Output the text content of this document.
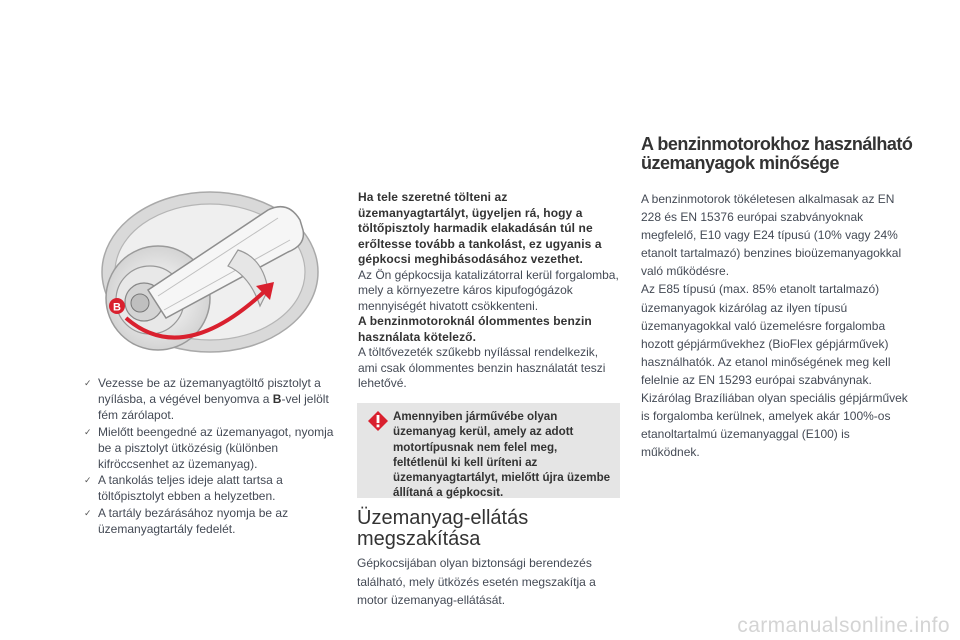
B

✓ Vezesse be az üzemanyagtöltő pisztolyt a nyílásba, a végével benyomva a B-vel jelölt fém zárólapot.

✓ Mielőtt beengedné az üzemanyagot, nyomja be a pisztolyt ütközésig (különben kifröccsenhet az üzemanyag).

✓ A tankolás teljes ideje alatt tartsa a töltőpisztolyt ebben a helyzetben.

✓ A tartály bezárásához nyomja be az üzemanyagtartály fedelét.

Ha tele szeretné tölteni az üzemanyagtartályt, ügyeljen rá, hogy a töltőpisztoly harmadik elakadásán túl ne erőltesse tovább a tankolást, ez ugyanis a gépkocsi meghibásodásához vezethet.

Az Ön gépkocsija katalizátorral kerül forgalomba, mely a környezetre káros kipufogógázok mennyiségét hivatott csökkenteni.

A benzinmotoroknál ólommentes benzin használata kötelező.

A töltővezeték szűkebb nyílással rendelkezik, ami csak ólommentes benzin használatát teszi lehetővé.

Amennyiben járművébe olyan üzemanyag kerül, amely az adott motortípusnak nem felel meg, feltétlenül ki kell üríteni az üzemanyagtartályt, mielőtt újra üzembe állítaná a gépkocsit.
Üzemanyag-ellátás
megszakítása

Gépkocsijában olyan biztonsági berendezés található, mely ütközés esetén megszakítja a motor üzemanyag-ellátását.

A benzinmotorokhoz használható
üzemanyagok minősége

A benzinmotorok tökéletesen alkalmasak az EN 228 és EN 15376 európai szabványoknak megfelelő, E10 vagy E24 típusú (10% vagy 24% etanolt tartalmazó) benzines bioüzemanyagokkal való működésre.

Az E85 típusú (max. 85% etanolt tartalmazó) üzemanyagok kizárólag az ilyen típusú üzemanyagokkal való üzemelésre forgalomba hozott gépjárművekhez (BioFlex gépjárművek) használhatók. Az etanol minőségének meg kell felelnie az EN 15293 európai szabványnak. Kizárólag Brazíliában olyan speciális gépjárművek is forgalomba kerülnek, amelyek akár 100%-os etanoltartalmú üzemanyaggal (E100) is működnek.

carmanualsonline.info
